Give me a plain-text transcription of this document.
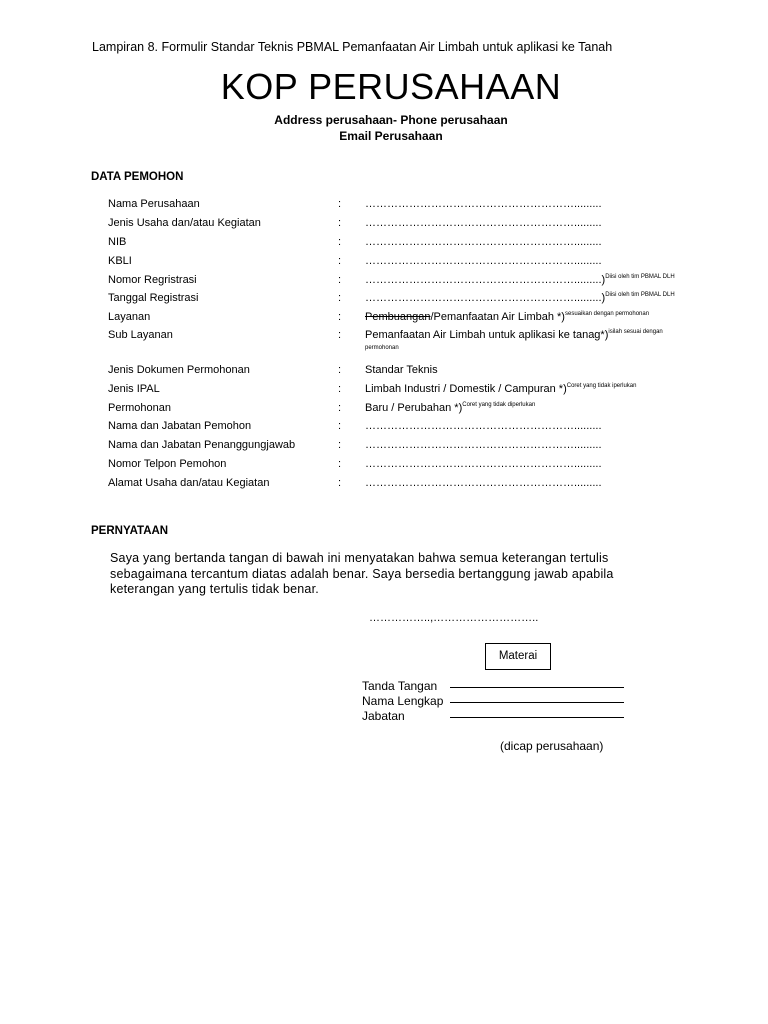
Lampiran 8. Formulir Standar Teknis PBMAL Pemanfaatan Air Limbah untuk aplikasi ke Tanah
KOP PERUSAHAAN
Address perusahaan- Phone perusahaan
Email Perusahaan
DATA PEMOHON
Nama Perusahaan	: ………………………………………………….........
Jenis Usaha dan/atau Kegiatan	: ………………………………………………….........
NIB	: ………………………………………………….........
KBLI	: ………………………………………………….........
Nomor Regristrasi	: ………………………………………………….........)$^{Diisi oleh tim PBMAL DLH}$
Tanggal Registrasi	: ………………………………………………….........)$^{Diisi oleh tim PBMAL DLH}$
Layanan	: Pembuangan/Pemanfaatan Air Limbah *)$^{sesuaikan dengan permohonan}$
Sub Layanan	: Pemanfaatan Air Limbah untuk aplikasi ke tanag*)$^{isilah sesuai dengan}$
permohonan
Jenis Dokumen Permohonan	: Standar Teknis
Jenis IPAL	: Limbah Industri / Domestik / Campuran *)$^{Coret yang tidak iperlukan}$
Permohonan	: Baru / Perubahan *)$^{Coret yang tidak diperlukan}$
Nama dan Jabatan Pemohon	: ………………………………………………….........
Nama dan Jabatan Penanggungjawab	: ………………………………………………….........
Nomor Telpon Pemohon	: ………………………………………………….........
Alamat Usaha dan/atau Kegiatan	: ………………………………………………….........
PERNYATAAN
Saya yang bertanda tangan di bawah ini menyatakan bahwa semua keterangan tertulis
sebagaimana tercantum diatas adalah benar. Saya bersedia bertanggung jawab apabila
keterangan yang tertulis tidak benar.
……………..,………………………..
Materai
Tanda Tangan
Nama Lengkap
Jabatan
(dicap perusahaan)
